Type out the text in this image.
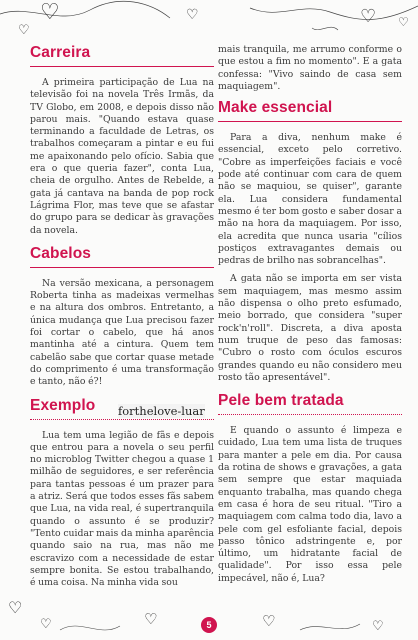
♡
♡
♡	♡ ♡
♡
♡	♡	♡	♡
Carreira

A primeira participação de Lua na televisão foi na novela Três Irmãs, da TV Globo, em 2008, e depois disso não parou mais. "Quando estava quase terminando a faculdade de Letras, os trabalhos começaram a pintar e eu fui me apaixonando pelo ofício. Sabia que era o que queria fazer", conta Lua, cheia de orgulho. Antes de Rebelde, a gata já cantava na banda de pop rock Lágrima Flor, mas teve que se afastar do grupo para se dedicar às gravações da novela.

Cabelos

Na versão mexicana, a personagem Roberta tinha as madeixas vermelhas e na altura dos ombros. Entretanto, a única mudança que Lua precisou fazer foi cortar o cabelo, que há anos mantinha até a cintura. Quem tem cabelão sabe que cortar quase metade do comprimento é uma transformação e tanto, não é?!

Exemplo

Lua tem uma legião de fãs e depois que entrou para a novela o seu perfil no microblog Twitter chegou a quase 1 milhão de seguidores, e ser referência para tantas pessoas é um prazer para a atriz. Será que todos esses fãs sabem que Lua, na vida real, é supertranquila quando o assunto é se produzir? "Tento cuidar mais da minha aparência quando saio na rua, mas não me escravizo com a necessidade de estar sempre bonita. Se estou trabalhando, é uma coisa. Na minha vida sou

mais tranquila, me arrumo conforme o que estou a fim no momento". E a gata confessa: "Vivo saindo de casa sem maquiagem".

Make essencial

Para a diva, nenhum make é essencial, exceto pelo corretivo. "Cobre as imperfeições faciais e você pode até continuar com cara de quem não se maquiou, se quiser", garante ela. Lua considera fundamental mesmo é ter bom gosto e saber dosar a mão na hora da maquiagem. Por isso, ela acredita que nunca usaria "cílios postiços extravagantes demais ou pedras de brilho nas sobrancelhas".

A gata não se importa em ser vista sem maquiagem, mas mesmo assim não dispensa o olho preto esfumado, meio borrado, que considera "super rock'n'roll". Discreta, a diva aposta num truque de peso das famosas: "Cubro o rosto com óculos escuros grandes quando eu não considero meu rosto tão apresentável".

Pele bem tratada

E quando o assunto é limpeza e cuidado, Lua tem uma lista de truques para manter a pele em dia. Por causa da rotina de shows e gravações, a gata sem sempre que estar maquiada enquanto trabalha, mas quando chega em casa é hora de seu ritual. "Tiro a maquiagem com calma todo dia, lavo a pele com gel esfoliante facial, depois passo tônico adstringente e, por último, um hidratante facial de qualidade". Por isso essa pele impecável, não é, Lua?

forthelove-luar
5
